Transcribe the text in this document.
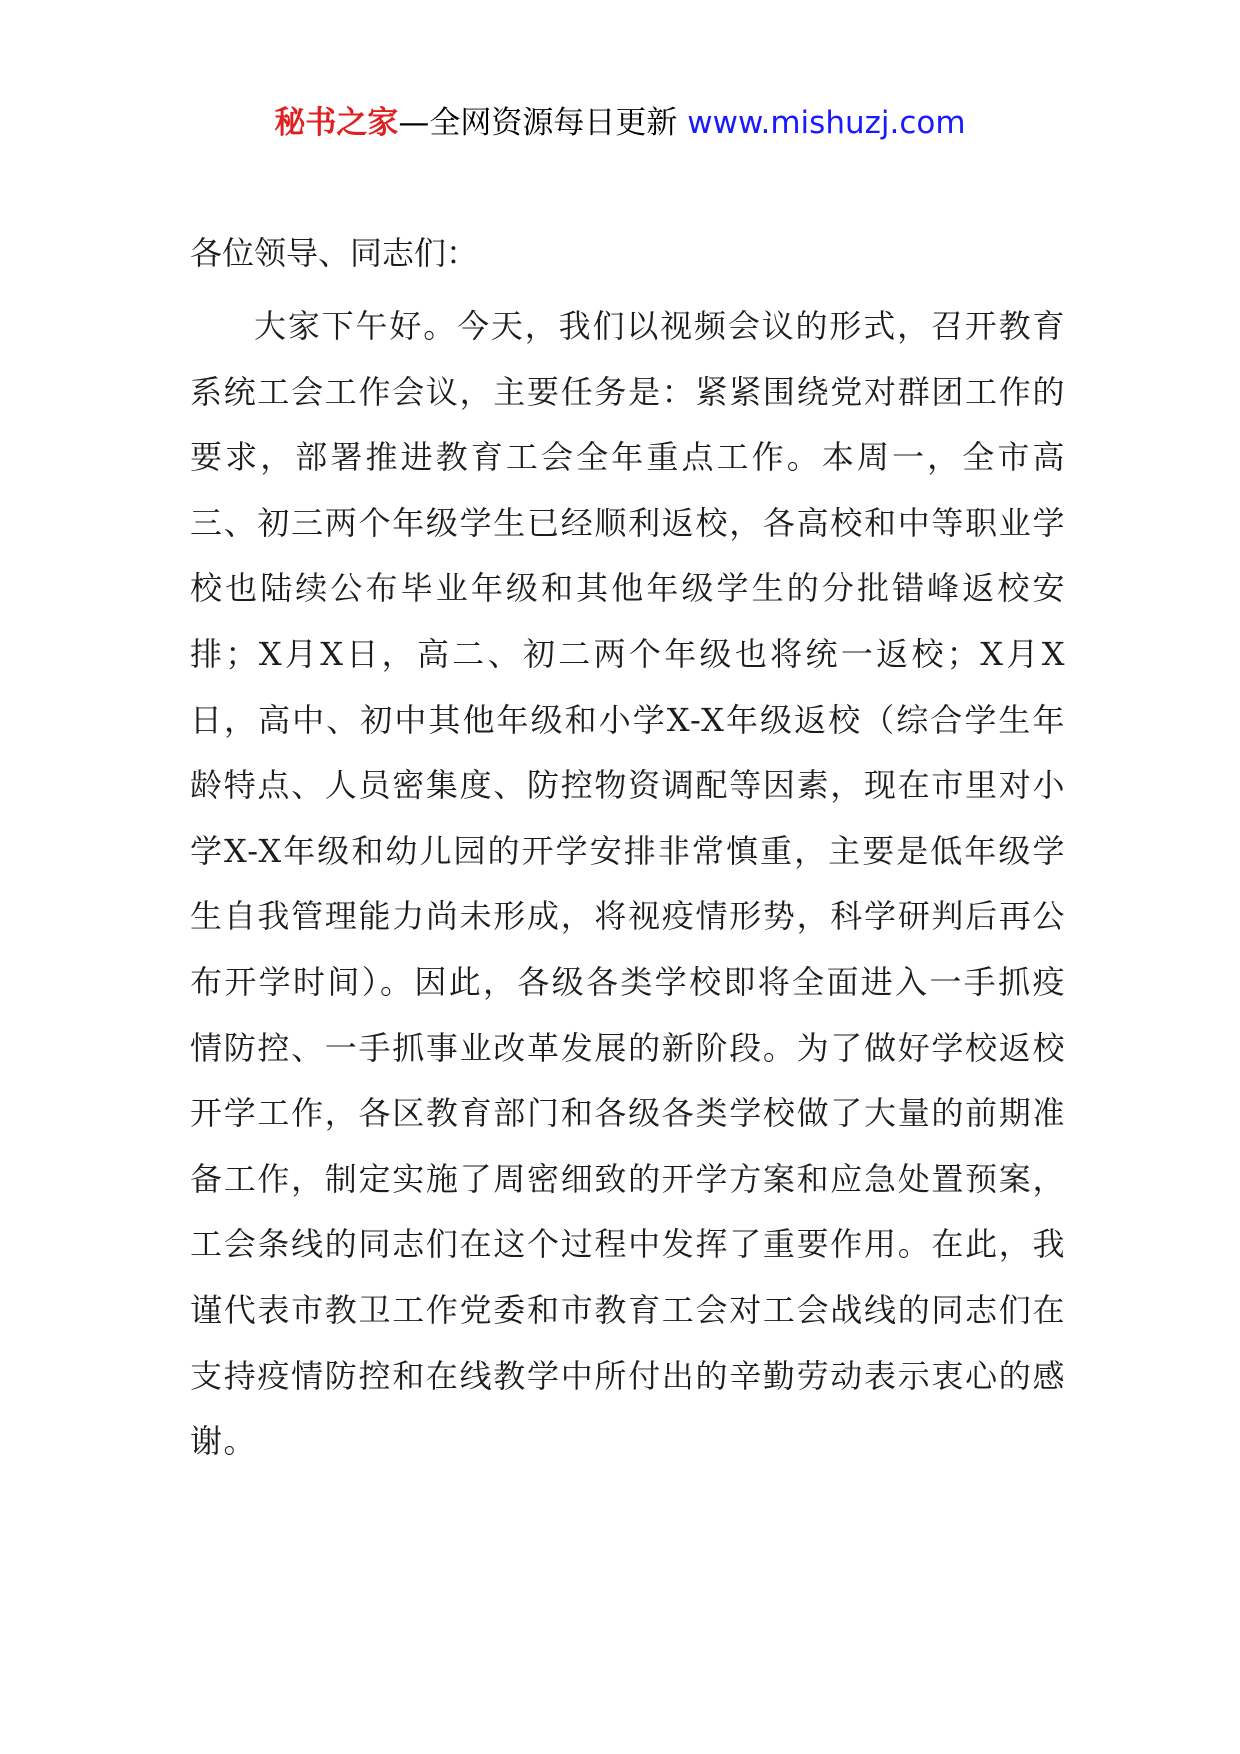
秘书之家—全网资源每日更新 www.mishuzj.com

各位领导、同志们：

大家下午好。今天，我们以视频会议的形式，召开教育系统工会工作会议，主要任务是：紧紧围绕党对群团工作的要求，部署推进教育工会全年重点工作。本周一，全市高三、初三两个年级学生已经顺利返校，各高校和中等职业学校也陆续公布毕业年级和其他年级学生的分批错峰返校安排；X月X日，高二、初二两个年级也将统一返校；X月X日，高中、初中其他年级和小学X-X年级返校（综合学生年龄特点、人员密集度、防控物资调配等因素，现在市里对小学X-X年级和幼儿园的开学安排非常慎重，主要是低年级学生自我管理能力尚未形成，将视疫情形势，科学研判后再公布开学时间）。因此，各级各类学校即将全面进入一手抓疫情防控、一手抓事业改革发展的新阶段。为了做好学校返校开学工作，各区教育部门和各级各类学校做了大量的前期准备工作，制定实施了周密细致的开学方案和应急处置预案，工会条线的同志们在这个过程中发挥了重要作用。在此，我谨代表市教卫工作党委和市教育工会对工会战线的同志们在支持疫情防控和在线教学中所付出的辛勤劳动表示衷心的感谢。
